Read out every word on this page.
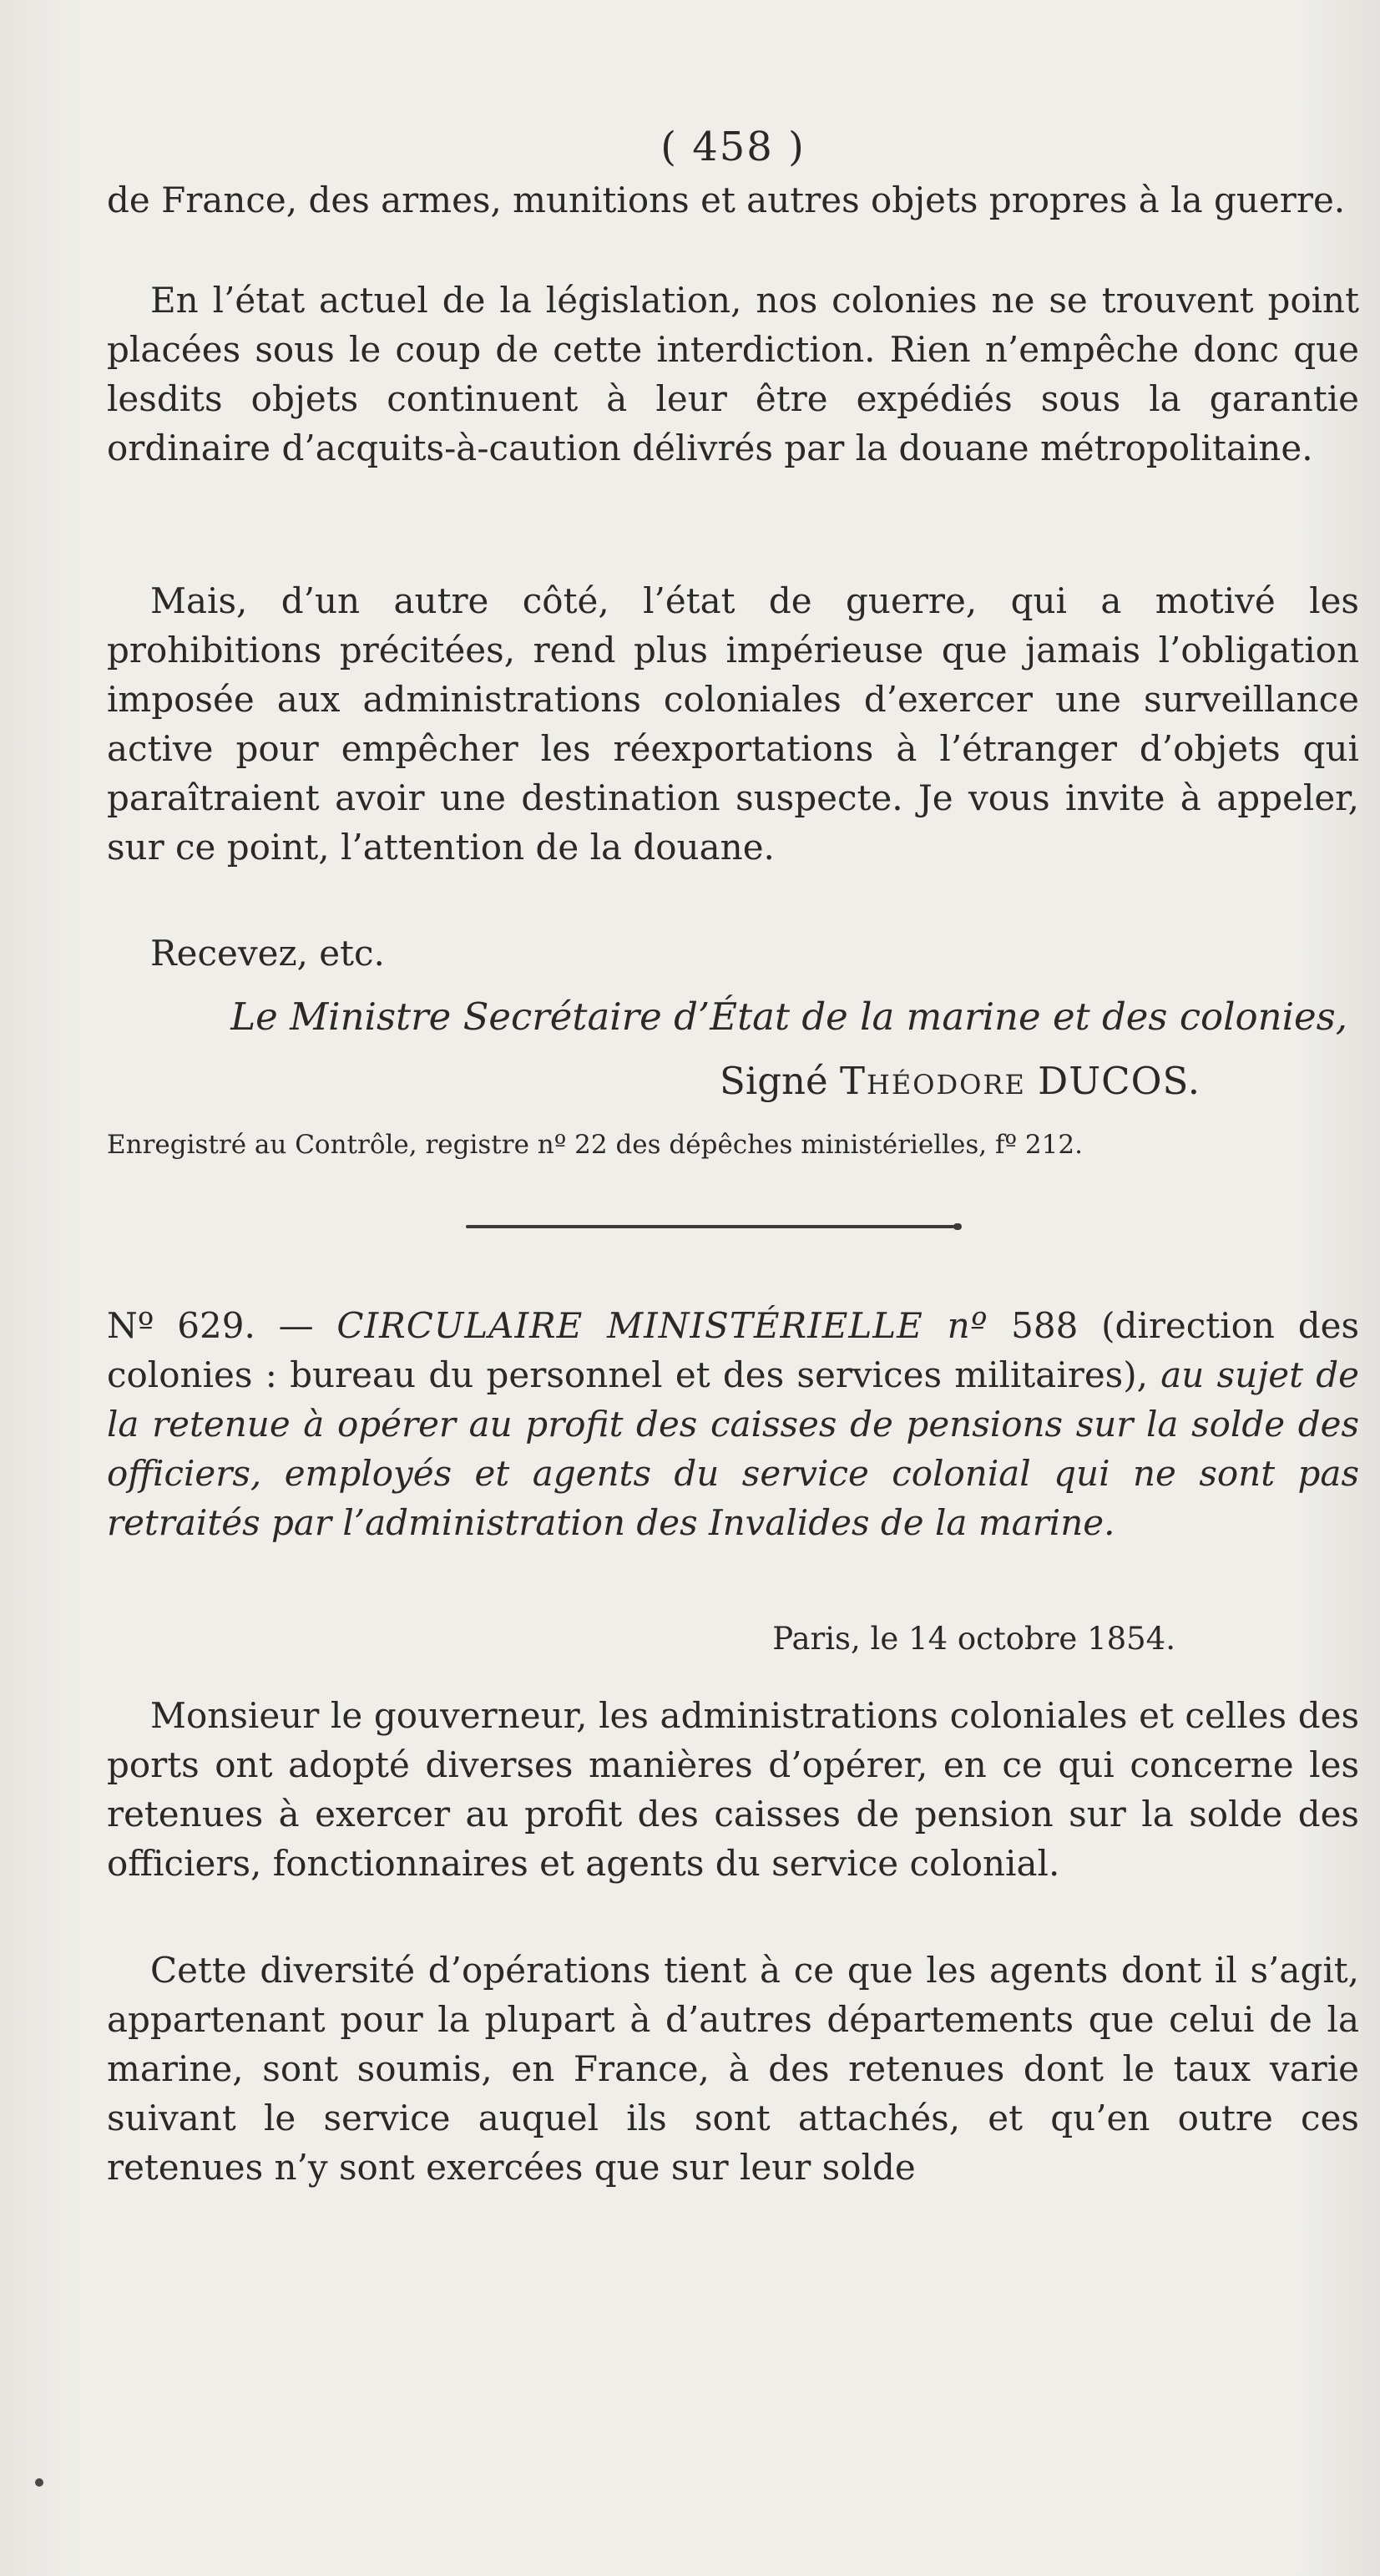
( 458 )

de France, des armes, munitions et autres objets propres à la guerre.

En l’état actuel de la législation, nos colonies ne se trouvent point placées sous le coup de cette interdiction. Rien n’empêche donc que lesdits objets continuent à leur être expédiés sous la garantie ordinaire d’acquits-à-caution délivrés par la douane métropolitaine.

Mais, d’un autre côté, l’état de guerre, qui a motivé les prohibitions précitées, rend plus impérieuse que jamais l’obligation imposée aux administrations coloniales d’exercer une surveillance active pour empêcher les réexportations à l’étranger d’objets qui paraîtraient avoir une destination suspecte. Je vous invite à appeler, sur ce point, l’attention de la douane.

Recevez, etc.

Le Ministre Secrétaire d’État de la marine et des colonies,
Signé Théodore DUCOS.
Enregistré au Contrôle, registre nº 22 des dépêches ministérielles, fº 212.

Nº 629. — CIRCULAIRE MINISTÉRIELLE nº 588 (direction des colonies : bureau du personnel et des services militaires), au sujet de la retenue à opérer au profit des caisses de pensions sur la solde des officiers, employés et agents du service colonial qui ne sont pas retraités par l’administration des Invalides de la marine.

Paris, le 14 octobre 1854.

Monsieur le gouverneur, les administrations coloniales et celles des ports ont adopté diverses manières d’opérer, en ce qui concerne les retenues à exercer au profit des caisses de pension sur la solde des officiers, fonctionnaires et agents du service colonial.

Cette diversité d’opérations tient à ce que les agents dont il s’agit, appartenant pour la plupart à d’autres départements que celui de la marine, sont soumis, en France, à des retenues dont le taux varie suivant le service auquel ils sont attachés, et qu’en outre ces retenues n’y sont exercées que sur leur solde
